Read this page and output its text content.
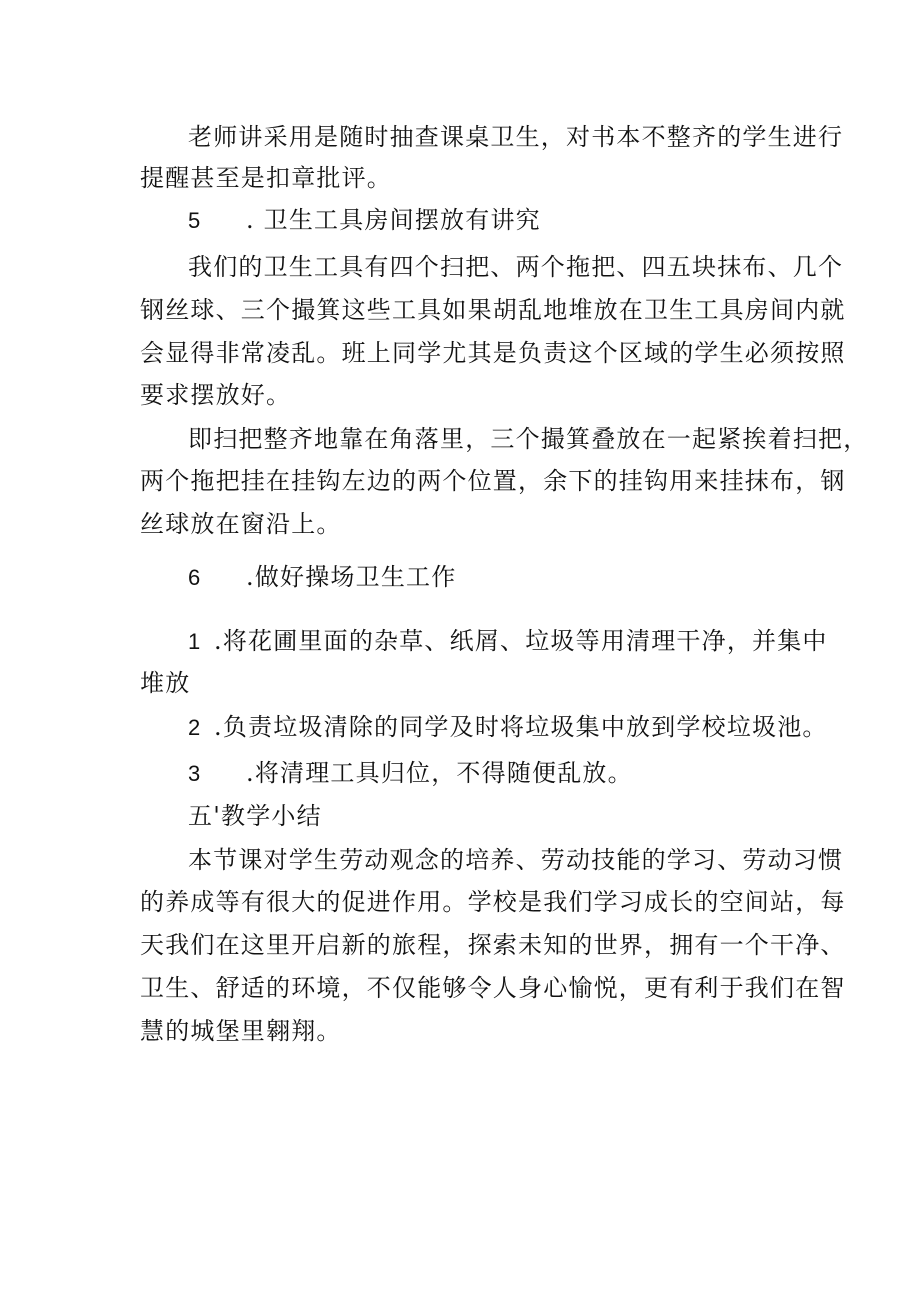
老师讲采用是随时抽查课桌卫生，对书本不整齐的学生进行
提醒甚至是扣章批评。
5 . 卫生工具房间摆放有讲究
我们的卫生工具有四个扫把、两个拖把、四五块抹布、几个
钢丝球、三个撮箕这些工具如果胡乱地堆放在卫生工具房间内就
会显得非常凌乱。班上同学尤其是负责这个区域的学生必须按照
要求摆放好。
即扫把整齐地靠在角落里，三个撮箕叠放在一起紧挨着扫把，
两个拖把挂在挂钩左边的两个位置，余下的挂钩用来挂抹布，钢
丝球放在窗沿上。
6 .做好操场卫生工作
1 .将花圃里面的杂草、纸屑、垃圾等用清理干净，并集中
堆放
2 .负责垃圾清除的同学及时将垃圾集中放到学校垃圾池。
3 .将清理工具归位，不得随便乱放。
五'教学小结
本节课对学生劳动观念的培养、劳动技能的学习、劳动习惯
的养成等有很大的促进作用。学校是我们学习成长的空间站，每
天我们在这里开启新的旅程，探索未知的世界，拥有一个干净、
卫生、舒适的环境，不仅能够令人身心愉悦，更有利于我们在智
慧的城堡里翱翔。
